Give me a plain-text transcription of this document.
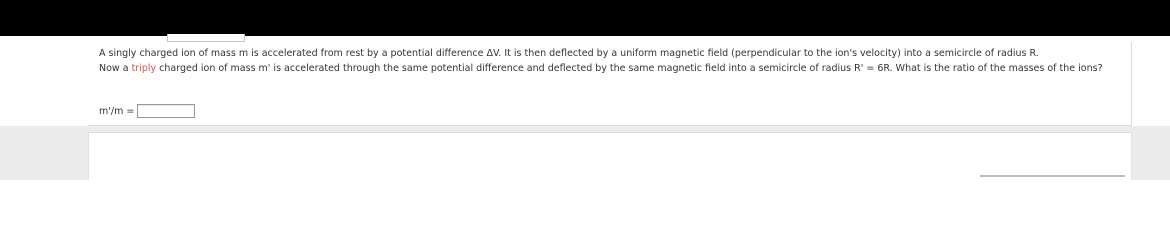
A singly charged ion of mass m is accelerated from rest by a potential difference ΔV. It is then deflected by a uniform magnetic field (perpendicular to the ion's velocity) into a semicircle of radius R.
Now a triply charged ion of mass m' is accelerated through the same potential difference and deflected by the same magnetic field into a semicircle of radius R' = 6R. What is the ratio of the masses of the ions?
m'/m =
